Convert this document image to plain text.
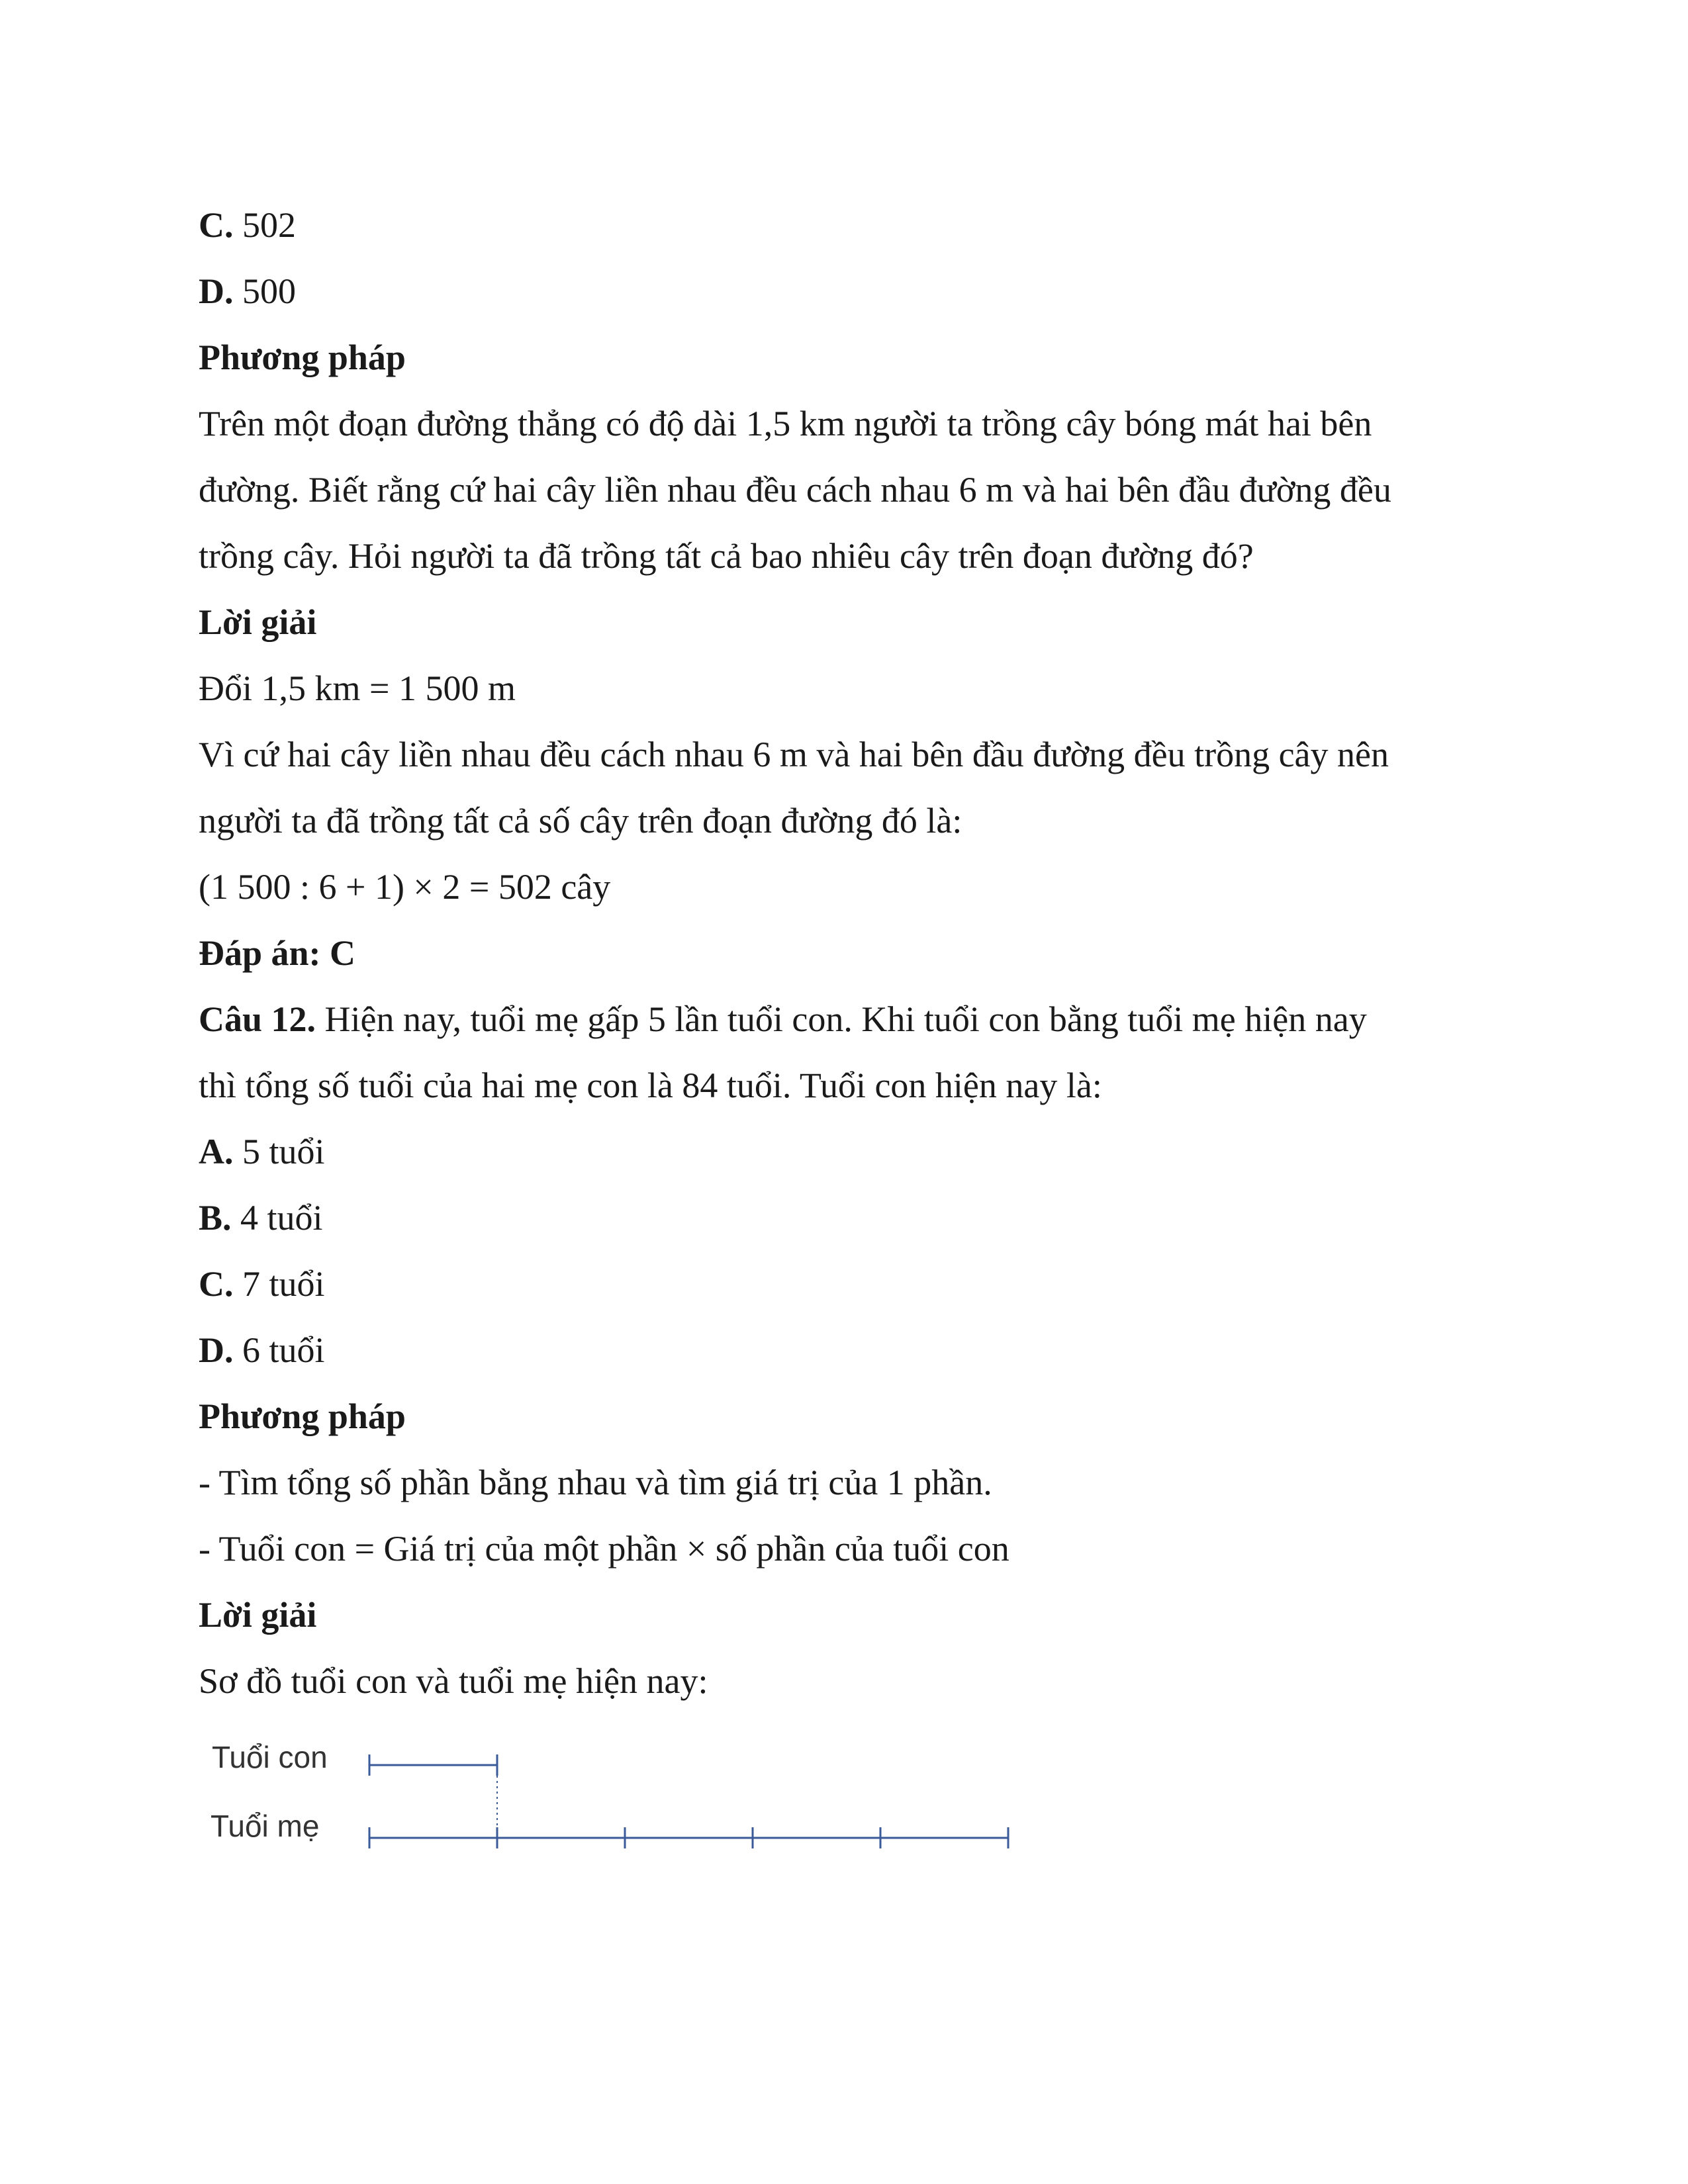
C. 502
D. 500
Phương pháp
Trên một đoạn đường thẳng có độ dài 1,5 km người ta trồng cây bóng mát hai bên
đường. Biết rằng cứ hai cây liền nhau đều cách nhau 6 m và hai bên đầu đường đều
trồng cây. Hỏi người ta đã trồng tất cả bao nhiêu cây trên đoạn đường đó?
Lời giải
Đổi 1,5 km = 1 500 m
Vì cứ hai cây liền nhau đều cách nhau 6 m và hai bên đầu đường đều trồng cây nên
người ta đã trồng tất cả số cây trên đoạn đường đó là:
(1 500 : 6 + 1) × 2 = 502 cây
Đáp án: C
Câu 12. Hiện nay, tuổi mẹ gấp 5 lần tuổi con. Khi tuổi con bằng tuổi mẹ hiện nay
thì tổng số tuổi của hai mẹ con là 84 tuổi. Tuổi con hiện nay là:
A. 5 tuổi
B. 4 tuổi
C. 7 tuổi
D. 6 tuổi
Phương pháp
- Tìm tổng số phần bằng nhau và tìm giá trị của 1 phần.
- Tuổi con = Giá trị của một phần × số phần của tuổi con
Lời giải
Sơ đồ tuổi con và tuổi mẹ hiện nay:
Tuổi con
Tuổi mẹ
